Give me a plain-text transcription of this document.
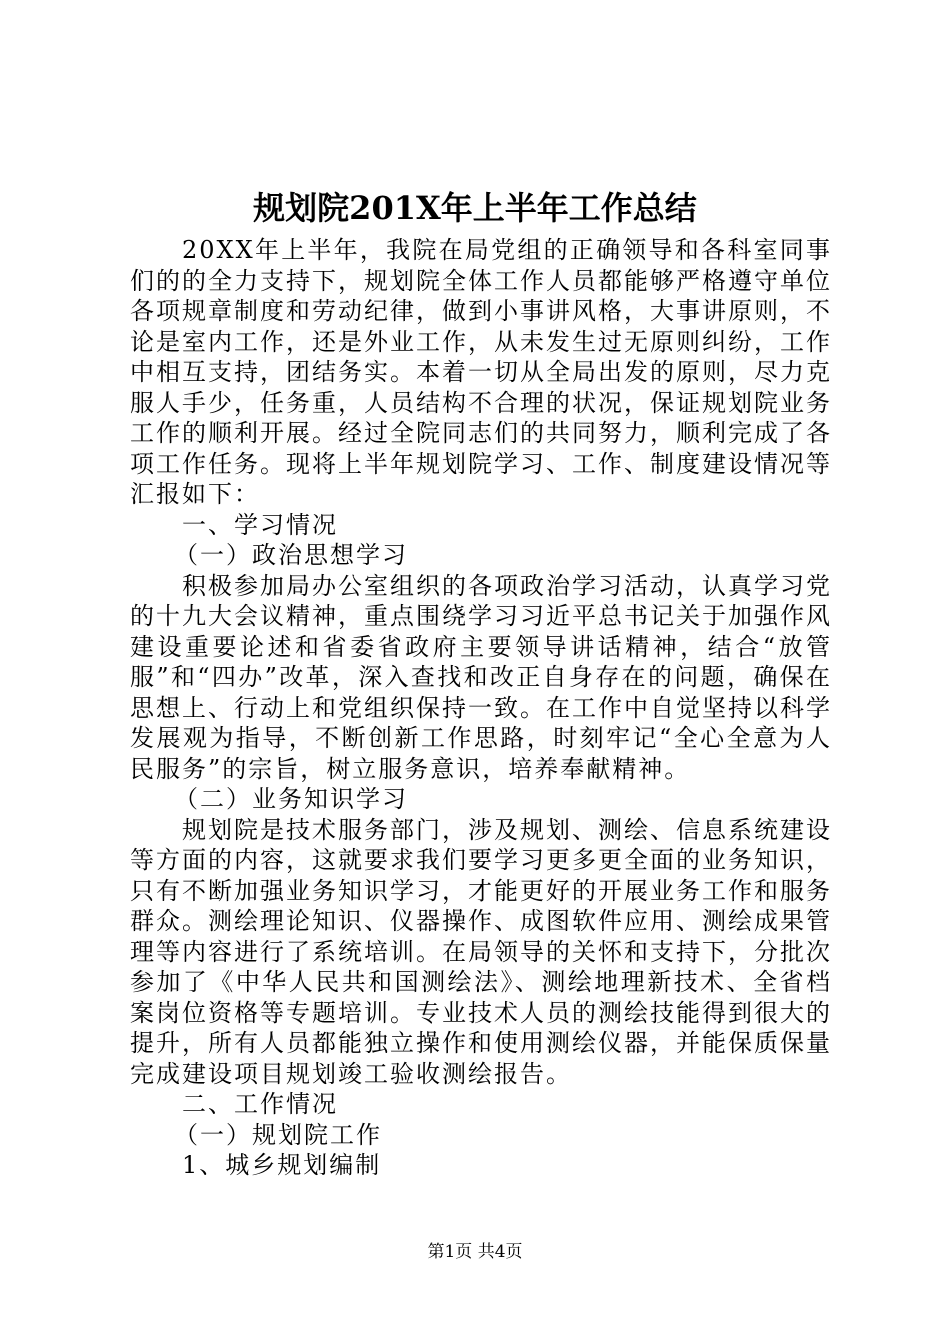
规划院201X年上半年工作总结

20XX年上半年，我院在局党组的正确领导和各科室同事们的的全力支持下，规划院全体工作人员都能够严格遵守单位各项规章制度和劳动纪律，做到小事讲风格，大事讲原则，不论是室内工作，还是外业工作，从未发生过无原则纠纷，工作中相互支持，团结务实。本着一切从全局出发的原则，尽力克服人手少，任务重，人员结构不合理的状况，保证规划院业务工作的顺利开展。经过全院同志们的共同努力，顺利完成了各项工作任务。现将上半年规划院学习、工作、制度建设情况等汇报如下：

一、学习情况

（一）政治思想学习

积极参加局办公室组织的各项政治学习活动，认真学习党的十九大会议精神，重点围绕学习习近平总书记关于加强作风建设重要论述和省委省政府主要领导讲话精神，结合“放管服”和“四办”改革，深入查找和改正自身存在的问题，确保在思想上、行动上和党组织保持一致。在工作中自觉坚持以科学发展观为指导，不断创新工作思路，时刻牢记“全心全意为人民服务”的宗旨，树立服务意识，培养奉献精神。

（二）业务知识学习

规划院是技术服务部门，涉及规划、测绘、信息系统建设等方面的内容，这就要求我们要学习更多更全面的业务知识，只有不断加强业务知识学习，才能更好的开展业务工作和服务群众。测绘理论知识、仪器操作、成图软件应用、测绘成果管理等内容进行了系统培训。在局领导的关怀和支持下，分批次参加了《中华人民共和国测绘法》、测绘地理新技术、全省档案岗位资格等专题培训。专业技术人员的测绘技能得到很大的提升，所有人员都能独立操作和使用测绘仪器，并能保质保量完成建设项目规划竣工验收测绘报告。

二、工作情况

（一）规划院工作

1、城乡规划编制

第1页 共4页
